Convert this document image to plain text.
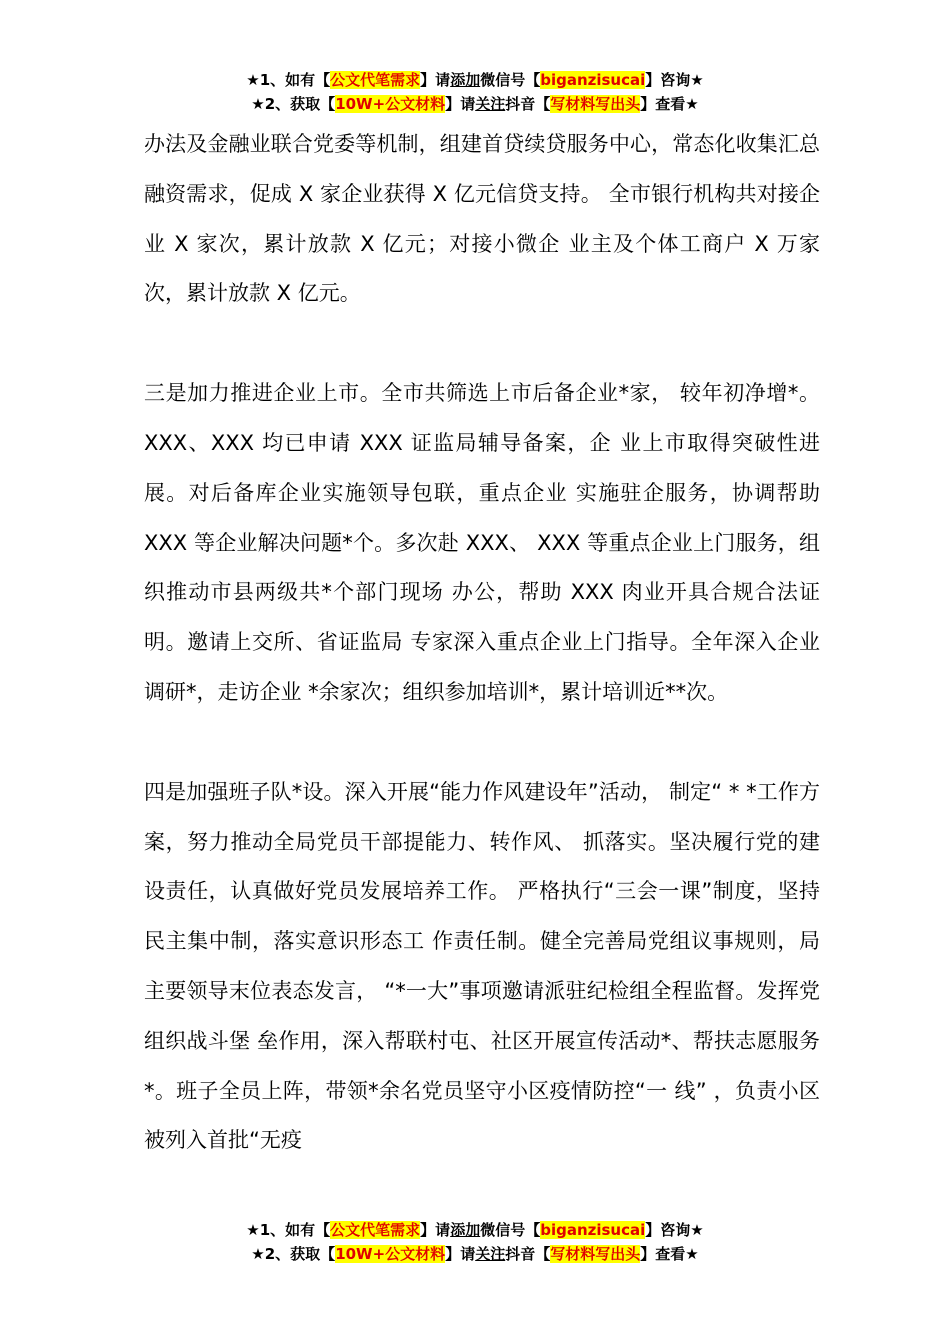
★1、如有【公文代笔需求】请添加微信号【biganzisucai】咨询★
★2、获取【10W+公文材料】请关注抖音【写材料写出头】查看★

办法及金融业联合党委等机制，组建首贷续贷服务中心，常态化收集汇总融资需求，促成 X 家企业获得 X 亿元信贷支持。 全市银行机构共对接企业 X 家次，累计放款 X 亿元；对接小微企 业主及个体工商户 X 万家次，累计放款 X 亿元。

三是加力推进企业上市。全市共筛选上市后备企业*家， 较年初净增*。XXX、XXX 均已申请 XXX 证监局辅导备案，企 业上市取得突破性进展。对后备库企业实施领导包联，重点企业 实施驻企服务，协调帮助 XXX 等企业解决问题*个。多次赴 XXX、 XXX 等重点企业上门服务，组织推动市县两级共*个部门现场 办公，帮助 XXX 肉业开具合规合法证明。邀请上交所、省证监局 专家深入重点企业上门指导。全年深入企业调研*，走访企业 *余家次；组织参加培训*，累计培训近**次。

四是加强班子队*设。深入开展“能力作风建设年”活动， 制定“ * *工作方案，努力推动全局党员干部提能力、转作风、 抓落实。坚决履行党的建设责任，认真做好党员发展培养工作。 严格执行“三会一课”制度，坚持民主集中制，落实意识形态工 作责任制。健全完善局党组议事规则，局主要领导末位表态发言， “*一大”事项邀请派驻纪检组全程监督。发挥党组织战斗堡 垒作用，深入帮联村屯、社区开展宣传活动*、帮扶志愿服务 *。班子全员上阵，带领*余名党员坚守小区疫情防控“一 线” ，负责小区被列入首批“无疫

★1、如有【公文代笔需求】请添加微信号【biganzisucai】咨询★
★2、获取【10W+公文材料】请关注抖音【写材料写出头】查看★
